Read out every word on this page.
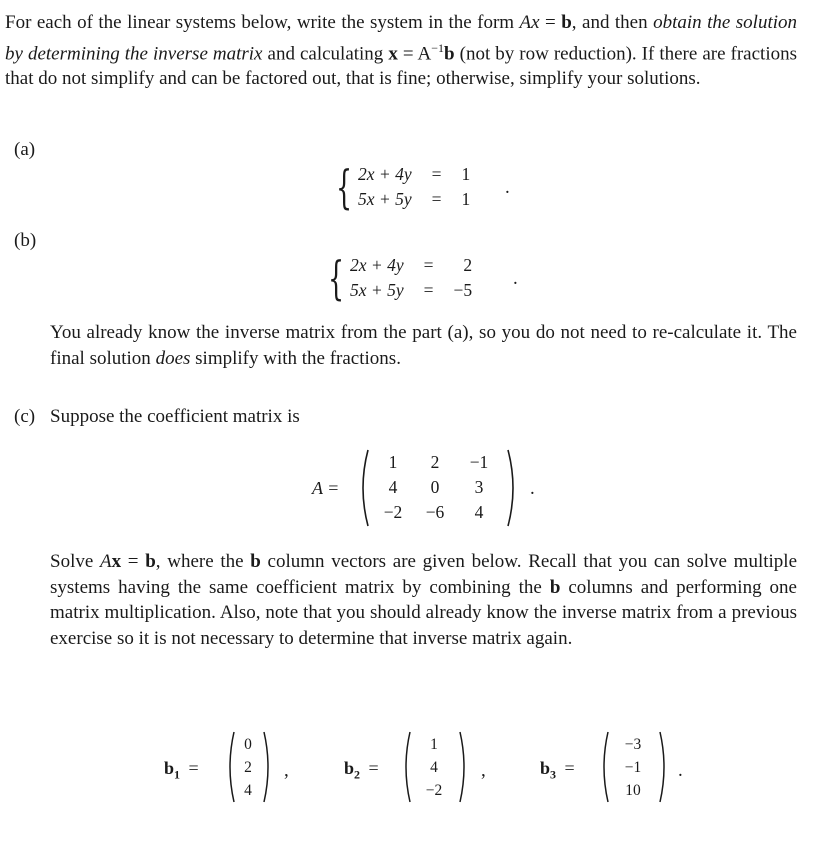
For each of the linear systems below, write the system in the form Ax = b, and then obtain the solution by determining the inverse matrix and calculating $x = A^{-1}b$ (not by row reduction). If there are fractions that do not simplify and can be factored out, that is fine; otherwise, simplify your solutions.
(a)
{ 2x + 4y	=	1
5x + 5y	=	1
.
(b)
{ 2x + 4y	=	2
5x + 5y	=	−5
.
You already know the inverse matrix from the part (a), so you do not need to re-calculate it. The final solution does simplify with the fractions.
(c) Suppose the coefficient matrix is
A =
1	2	−1
4	0	3
−2	−6	4
.
Solve Ax = b, where the b column vectors are given below. Recall that you can solve multiple systems having the same coefficient matrix by combining the b columns and performing one matrix multiplication. Also, note that you should already know the inverse matrix from a previous exercise so it is not necessary to determine that inverse matrix again.
$b_1$ =
0
2
4
,	$b_2$ =
1
4
−2
,	$b_3$ =
−3
−1
10
.
